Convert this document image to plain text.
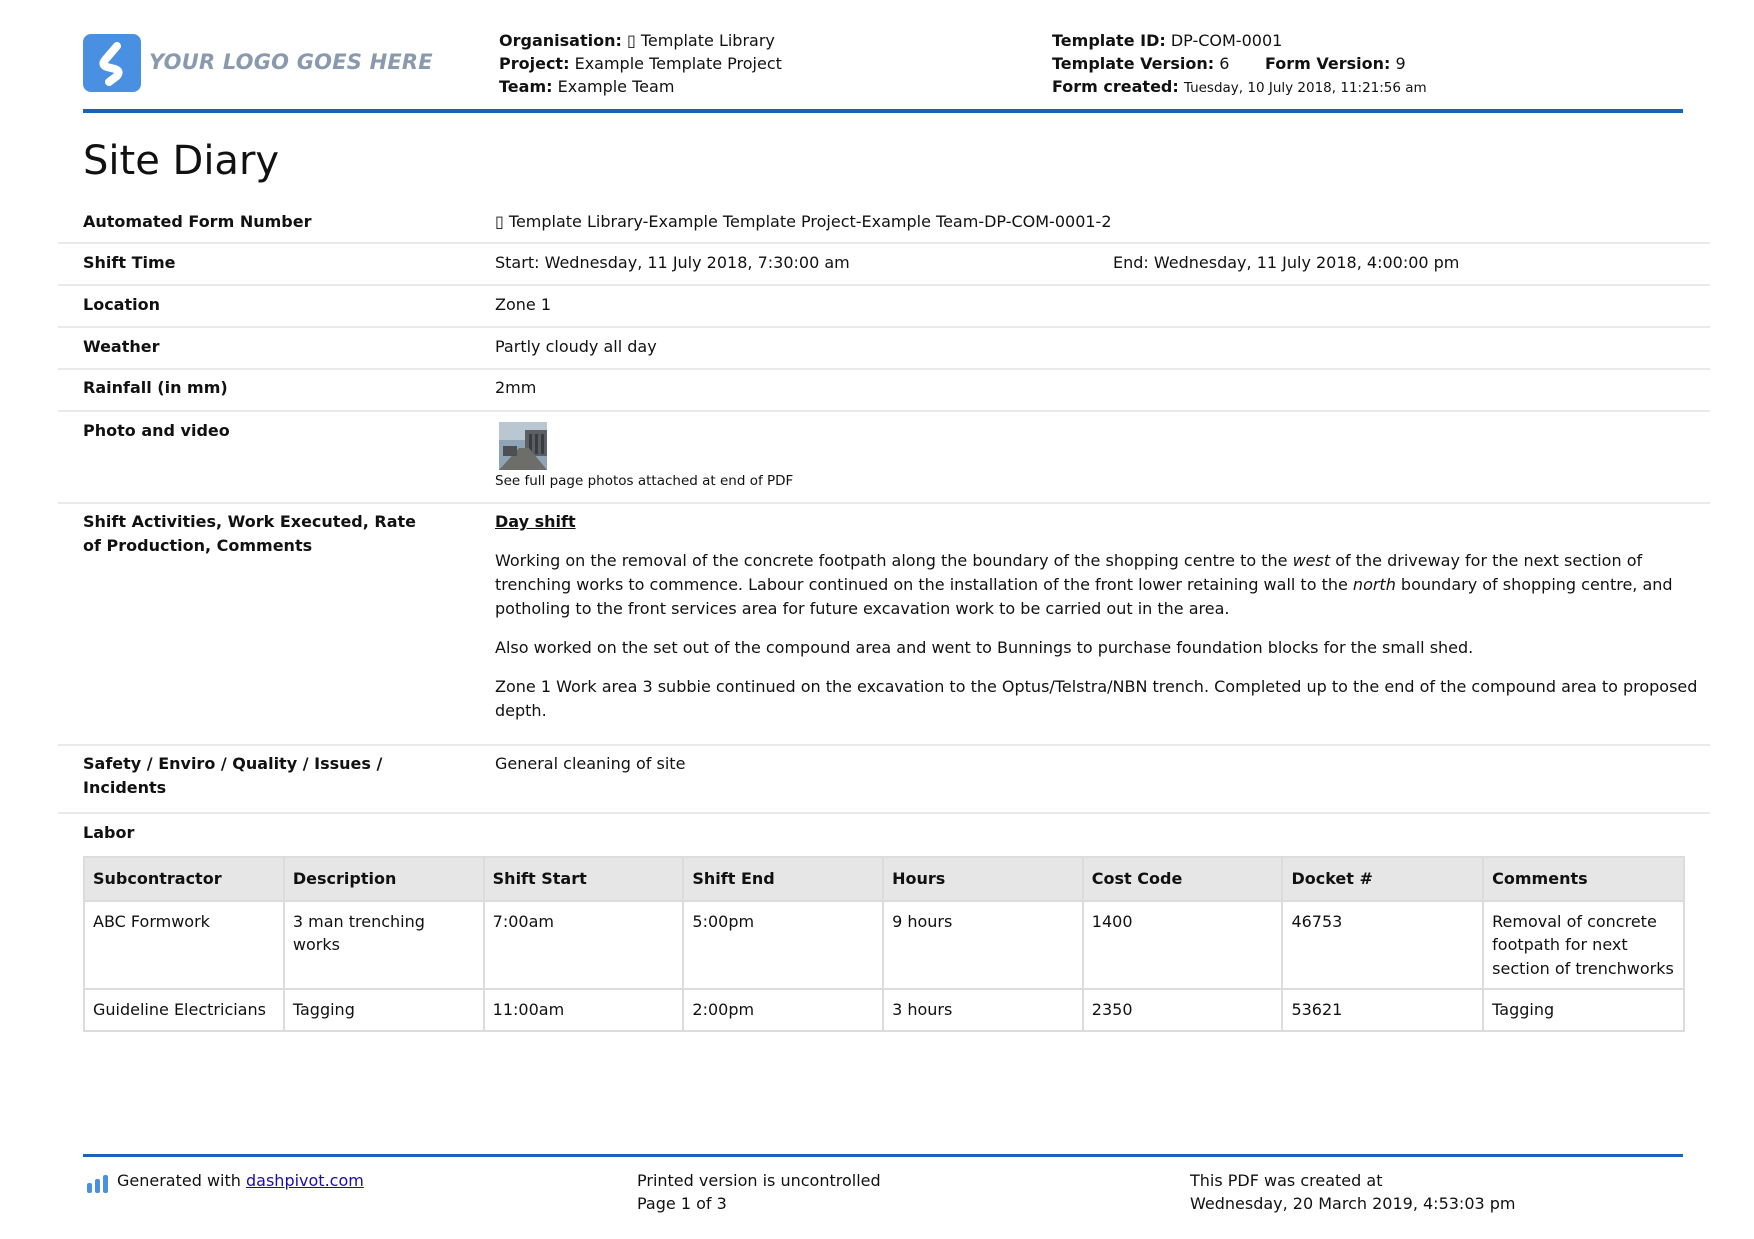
YOUR LOGO GOES HERE
Organisation: ▯ Template Library
Project: Example Template Project
Team: Example Team
Template ID: DP-COM-0001
Template Version: 6 Form Version: 9
Form created: Tuesday, 10 July 2018, 11:21:56 am
Site Diary
Automated Form Number	▯ Template Library-Example Template Project-Example Team-DP-COM-0001-2
Shift Time	Start: Wednesday, 11 July 2018, 7:30:00 am	End: Wednesday, 11 July 2018, 4:00:00 pm
Location	Zone 1
Weather	Partly cloudy all day
Rainfall (in mm)	2mm
Photo and video
See full page photos attached at end of PDF
Shift Activities, Work Executed, Rate of Production, Comments
Day shift

Working on the removal of the concrete footpath along the boundary of the shopping centre to the west of the driveway for the next section of trenching works to commence. Labour continued on the installation of the front lower retaining wall to the north boundary of shopping centre, and potholing to the front services area for future excavation work to be carried out in the area.

Also worked on the set out of the compound area and went to Bunnings to purchase foundation blocks for the small shed.

Zone 1 Work area 3 subbie continued on the excavation to the Optus/Telstra/NBN trench. Completed up to the end of the compound area to proposed depth.

Safety / Enviro / Quality / Issues / Incidents
General cleaning of site
Labor
Subcontractor	Description	Shift Start	Shift End	Hours	Cost Code	Docket #	Comments
ABC Formwork	3 man trenching works	7:00am	5:00pm	9 hours	1400	46753	Removal of concrete footpath for next section of trenchworks
Guideline Electricians	Tagging	11:00am	2:00pm	3 hours	2350	53621	Tagging
Generated with dashpivot.com	Printed version is uncontrolled
Page 1 of 3
This PDF was created at
Wednesday, 20 March 2019, 4:53:03 pm
